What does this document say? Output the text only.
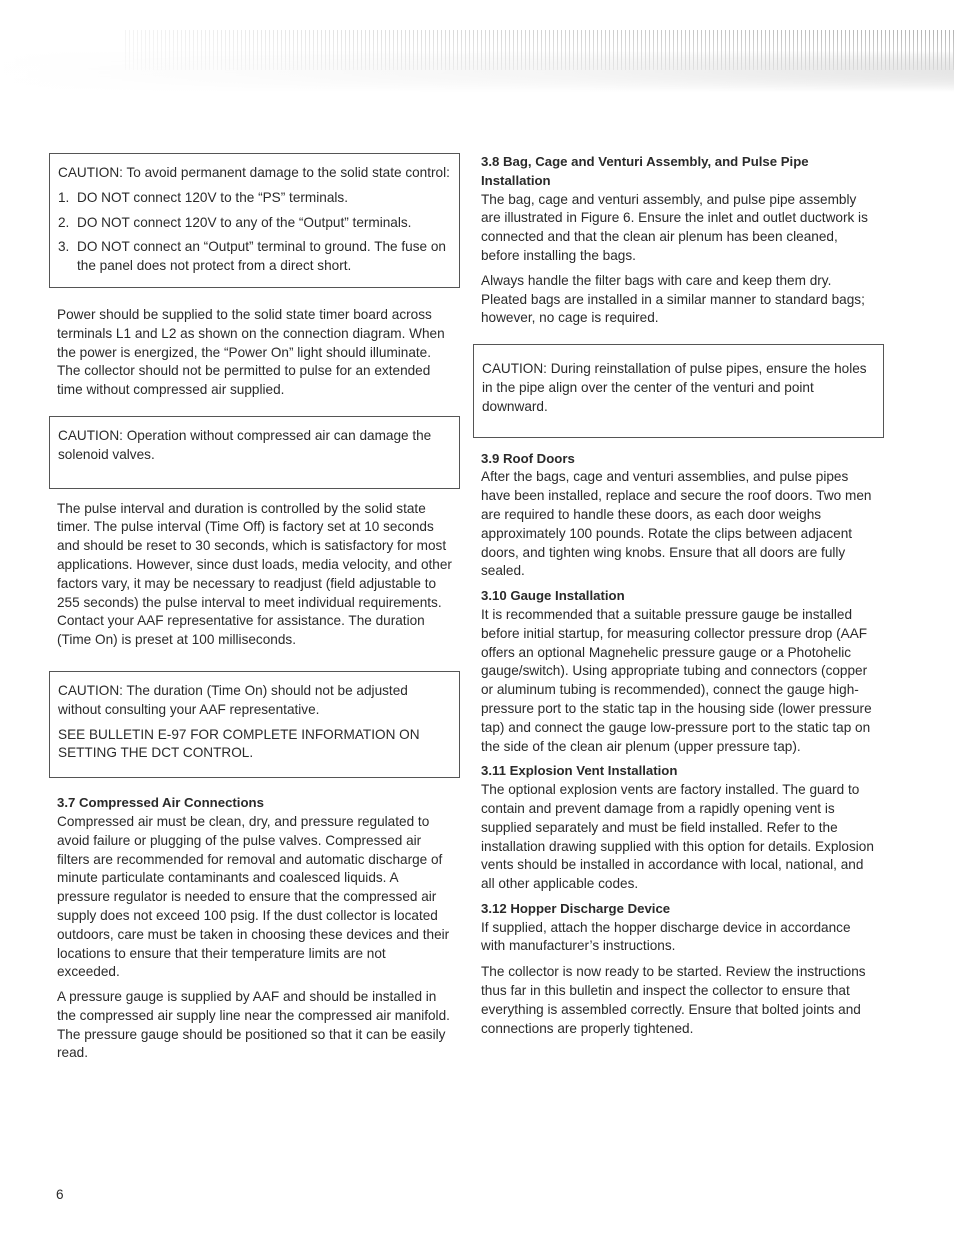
CAUTION: To avoid permanent damage to the solid state control:

1. DO NOT connect 120V to the “PS” terminals.
2. DO NOT connect 120V to any of the “Output” terminals.
3. DO NOT connect an “Output” terminal to ground. The fuse on the panel does not protect from a direct short.

Power should be supplied to the solid state timer board across terminals L1 and L2 as shown on the connection diagram. When the power is energized, the “Power On” light should illuminate.

The collector should not be permitted to pulse for an extended time without compressed air supplied.

CAUTION: Operation without compressed air can damage the solenoid valves.

The pulse interval and duration is controlled by the solid state timer. The pulse interval (Time Off) is factory set at 10 seconds and should be reset to 30 seconds, which is satisfactory for most applications. However, since dust loads, media velocity, and other factors vary, it may be necessary to readjust (field adjustable to 255 seconds) the pulse interval to meet individual requirements. Contact your AAF representative for assistance. The duration (Time On) is preset at 100 milliseconds.

CAUTION: The duration (Time On) should not be adjusted without consulting your AAF representative.

SEE BULLETIN E-97 FOR COMPLETE INFORMATION ON SETTING THE DCT CONTROL.

3.7 Compressed Air Connections

Compressed air must be clean, dry, and pressure regulated to avoid failure or plugging of the pulse valves. Compressed air filters are recommended for removal and automatic discharge of minute particulate contaminants and coalesced liquids. A pressure regulator is needed to ensure that the compressed air supply does not exceed 100 psig. If the dust collector is located outdoors, care must be taken in choosing these devices and their locations to ensure that their temperature limits are not exceeded.

A pressure gauge is supplied by AAF and should be installed in the compressed air supply line near the compressed air manifold. The pressure gauge should be positioned so that it can be easily read.

3.8 Bag, Cage and Venturi Assembly, and Pulse Pipe Installation

The bag, cage and venturi assembly, and pulse pipe assembly are illustrated in Figure 6. Ensure the inlet and outlet ductwork is connected and that the clean air plenum has been cleaned, before installing the bags.

Always handle the filter bags with care and keep them dry. Pleated bags are installed in a similar manner to standard bags; however, no cage is required.

CAUTION: During reinstallation of pulse pipes, ensure the holes in the pipe align over the center of the venturi and point downward.

3.9 Roof Doors

After the bags, cage and venturi assemblies, and pulse pipes have been installed, replace and secure the roof doors. Two men are required to handle these doors, as each door weighs approximately 100 pounds. Rotate the clips between adjacent doors, and tighten wing knobs. Ensure that all doors are fully sealed.

3.10 Gauge Installation

It is recommended that a suitable pressure gauge be installed before initial startup, for measuring collector pressure drop (AAF offers an optional Magnehelic pressure gauge or a Photohelic gauge/switch). Using appropriate tubing and connectors (copper or aluminum tubing is recommended), connect the gauge high-pressure port to the static tap in the housing side (lower pressure tap) and connect the gauge low-pressure port to the static tap on the side of the clean air plenum (upper pressure tap).

3.11 Explosion Vent Installation

The optional explosion vents are factory installed. The guard to contain and prevent damage from a rapidly opening vent is supplied separately and must be field installed. Refer to the installation drawing supplied with this option for details. Explosion vents should be installed in accordance with local, national, and all other applicable codes.

3.12 Hopper Discharge Device

If supplied, attach the hopper discharge device in accordance with manufacturer’s instructions.

The collector is now ready to be started. Review the instructions thus far in this bulletin and inspect the collector to ensure that everything is assembled correctly. Ensure that bolted joints and connections are properly tightened.

6
